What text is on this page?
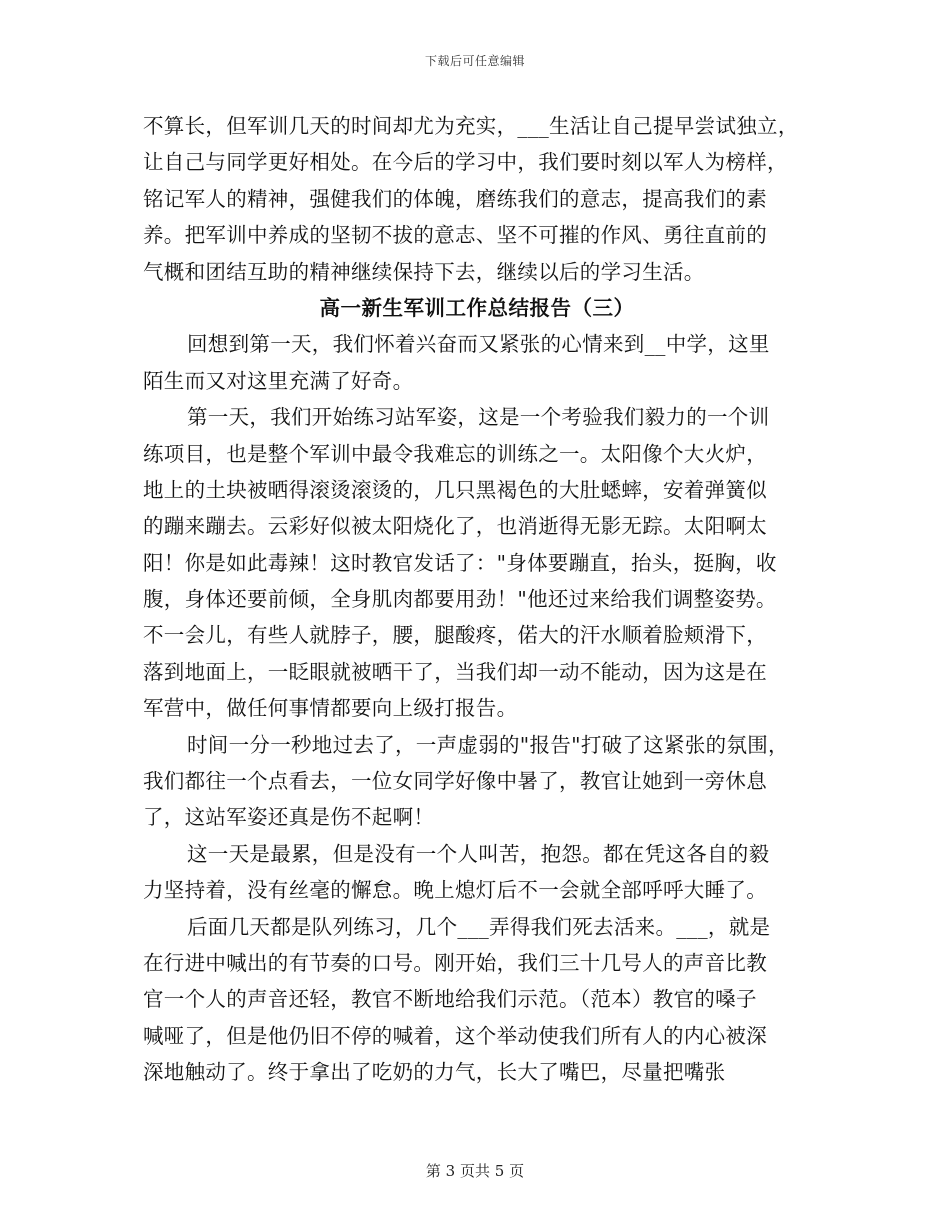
下载后可任意编辑
不算长，但军训几天的时间却尤为充实，___生活让自己提早尝试独立，
让自己与同学更好相处。在今后的学习中，我们要时刻以军人为榜样，
铭记军人的精神，强健我们的体魄，磨练我们的意志，提高我们的素
养。把军训中养成的坚韧不拔的意志、坚不可摧的作风、勇往直前的
气概和团结互助的精神继续保持下去，继续以后的学习生活。
高一新生军训工作总结报告（三）
回想到第一天，我们怀着兴奋而又紧张的心情来到__中学，这里
陌生而又对这里充满了好奇。
第一天，我们开始练习站军姿，这是一个考验我们毅力的一个训
练项目，也是整个军训中最令我难忘的训练之一。太阳像个大火炉，
地上的土块被晒得滚烫滚烫的，几只黑褐色的大肚蟋蟀，安着弹簧似
的蹦来蹦去。云彩好似被太阳烧化了，也消逝得无影无踪。太阳啊太
阳！你是如此毒辣！这时教官发话了："身体要蹦直，抬头，挺胸，收
腹，身体还要前倾，全身肌肉都要用劲！"他还过来给我们调整姿势。
不一会儿，有些人就脖子，腰，腿酸疼，偌大的汗水顺着脸颊滑下，
落到地面上，一眨眼就被晒干了，当我们却一动不能动，因为这是在
军营中，做任何事情都要向上级打报告。
时间一分一秒地过去了，一声虚弱的"报告"打破了这紧张的氛围，
我们都往一个点看去，一位女同学好像中暑了，教官让她到一旁休息
了，这站军姿还真是伤不起啊！
这一天是最累，但是没有一个人叫苦，抱怨。都在凭这各自的毅
力坚持着，没有丝毫的懈怠。晚上熄灯后不一会就全部呼呼大睡了。
后面几天都是队列练习，几个___弄得我们死去活来。___，就是
在行进中喊出的有节奏的口号。刚开始，我们三十几号人的声音比教
官一个人的声音还轻，教官不断地给我们示范。（范本）教官的嗓子
喊哑了，但是他仍旧不停的喊着，这个举动使我们所有人的内心被深
深地触动了。终于拿出了吃奶的力气，长大了嘴巴，尽量把嘴张
第 3 页共 5 页
